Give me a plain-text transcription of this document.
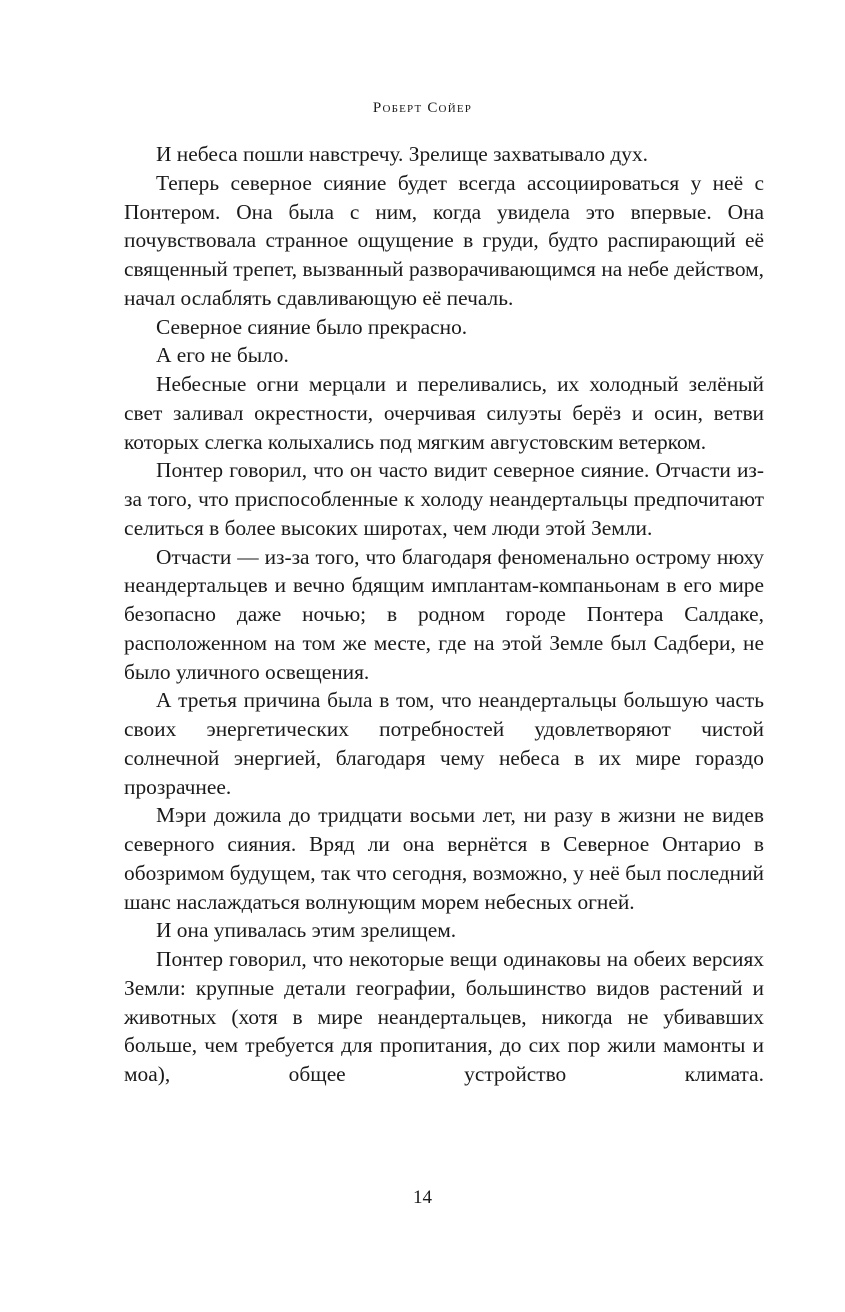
Роберт Сойер

И небеса пошли навстречу. Зрелище захватывало дух.

Теперь северное сияние будет всегда ассоциироваться у неё с Понтером. Она была с ним, когда увидела это впервые. Она почувствовала странное ощущение в груди, будто распирающий её священный трепет, вызванный разворачивающимся на небе действом, начал ослаблять сдавливающую её печаль.

Северное сияние было прекрасно.

А его не было.

Небесные огни мерцали и переливались, их холодный зелёный свет заливал окрестности, очерчивая силуэты берёз и осин, ветви которых слегка колыхались под мягким августовским ветерком.

Понтер говорил, что он часто видит северное сияние. Отчасти из-за того, что приспособленные к холоду неандертальцы предпочитают селиться в более высоких широтах, чем люди этой Земли.

Отчасти — из-за того, что благодаря феноменально острому нюху неандертальцев и вечно бдящим имплантам-компаньонам в его мире безопасно даже ночью; в родном городе Понтера Салдаке, расположенном на том же месте, где на этой Земле был Садбери, не было уличного освещения.

А третья причина была в том, что неандертальцы большую часть своих энергетических потребностей удовлетворяют чистой солнечной энергией, благодаря чему небеса в их мире гораздо прозрачнее.

Мэри дожила до тридцати восьми лет, ни разу в жизни не видев северного сияния. Вряд ли она вернётся в Северное Онтарио в обозримом будущем, так что сегодня, возможно, у неё был последний шанс наслаждаться волнующим морем небесных огней.

И она упивалась этим зрелищем.

Понтер говорил, что некоторые вещи одинаковы на обеих версиях Земли: крупные детали географии, большинство видов растений и животных (хотя в мире неандертальцев, никогда не убивавших больше, чем требуется для пропитания, до сих пор жили мамонты и моа), общее устройство климата.

14
